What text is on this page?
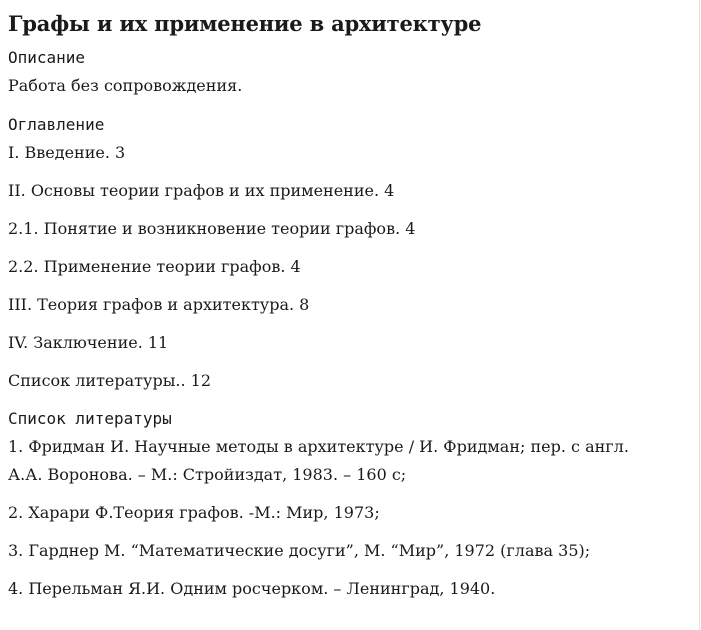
Графы и их применение в архитектуре

Описание

Работа без сопровождения.

Оглавление

I. Введение. 3
II. Основы теории графов и их применение. 4
2.1. Понятие и возникновение теории графов. 4
2.2. Применение теории графов. 4
III. Теория графов и архитектура. 8
IV. Заключение. 11
Список литературы.. 12

Список литературы

1. Фридман И. Научные методы в архитектуре / И. Фридман; пер. с англ. А.А. Воронова. – М.: Стройиздат, 1983. – 160 с;
2. Харари Ф.Теория графов. -М.: Мир, 1973;
3. Гарднер М. “Математические досуги”, М. “Мир”, 1972 (глава 35);
4. Перельман Я.И. Одним росчерком. – Ленинград, 1940.
